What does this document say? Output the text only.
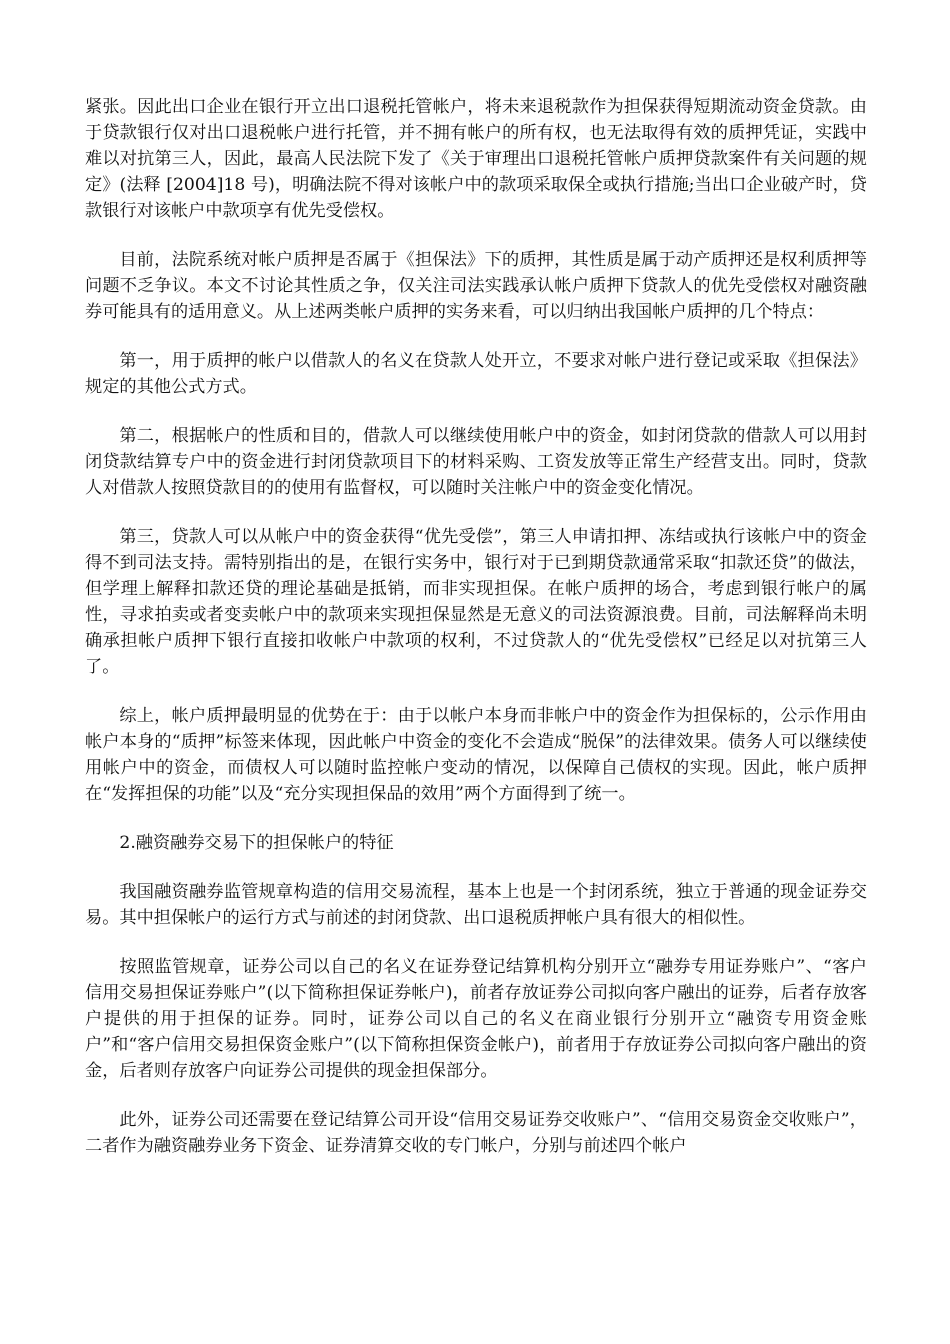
紧张。因此出口企业在银行开立出口退税托管帐户，将未来退税款作为担保获得短期流动资金贷款。由于贷款银行仅对出口退税帐户进行托管，并不拥有帐户的所有权，也无法取得有效的质押凭证，实践中难以对抗第三人，因此，最高人民法院下发了《关于审理出口退税托管帐户质押贷款案件有关问题的规定》(法释 [2004]18 号)，明确法院不得对该帐户中的款项采取保全或执行措施;当出口企业破产时，贷款银行对该帐户中款项享有优先受偿权。

目前，法院系统对帐户质押是否属于《担保法》下的质押，其性质是属于动产质押还是权利质押等问题不乏争议。本文不讨论其性质之争，仅关注司法实践承认帐户质押下贷款人的优先受偿权对融资融券可能具有的适用意义。从上述两类帐户质押的实务来看，可以归纳出我国帐户质押的几个特点：

第一，用于质押的帐户以借款人的名义在贷款人处开立，不要求对帐户进行登记或采取《担保法》规定的其他公式方式。

第二，根据帐户的性质和目的，借款人可以继续使用帐户中的资金，如封闭贷款的借款人可以用封闭贷款结算专户中的资金进行封闭贷款项目下的材料采购、工资发放等正常生产经营支出。同时，贷款人对借款人按照贷款目的的使用有监督权，可以随时关注帐户中的资金变化情况。

第三，贷款人可以从帐户中的资金获得“优先受偿”，第三人申请扣押、冻结或执行该帐户中的资金得不到司法支持。需特别指出的是，在银行实务中，银行对于已到期贷款通常采取“扣款还贷”的做法，但学理上解释扣款还贷的理论基础是抵销，而非实现担保。在帐户质押的场合，考虑到银行帐户的属性，寻求拍卖或者变卖帐户中的款项来实现担保显然是无意义的司法资源浪费。目前，司法解释尚未明确承担帐户质押下银行直接扣收帐户中款项的权利，不过贷款人的“优先受偿权”已经足以对抗第三人了。

综上，帐户质押最明显的优势在于：由于以帐户本身而非帐户中的资金作为担保标的，公示作用由帐户本身的“质押”标签来体现，因此帐户中资金的变化不会造成“脱保”的法律效果。债务人可以继续使用帐户中的资金，而债权人可以随时监控帐户变动的情况，以保障自己债权的实现。因此，帐户质押在“发挥担保的功能”以及“充分实现担保品的效用”两个方面得到了统一。

2.融资融券交易下的担保帐户的特征

我国融资融券监管规章构造的信用交易流程，基本上也是一个封闭系统，独立于普通的现金证券交易。其中担保帐户的运行方式与前述的封闭贷款、出口退税质押帐户具有很大的相似性。

按照监管规章，证券公司以自己的名义在证券登记结算机构分别开立“融券专用证券账户”、“客户信用交易担保证券账户”(以下简称担保证券帐户)，前者存放证券公司拟向客户融出的证券，后者存放客户提供的用于担保的证券。同时，证券公司以自己的名义在商业银行分别开立“融资专用资金账户”和“客户信用交易担保资金账户”(以下简称担保资金帐户)，前者用于存放证券公司拟向客户融出的资金，后者则存放客户向证券公司提供的现金担保部分。

此外，证券公司还需要在登记结算公司开设“信用交易证券交收账户”、“信用交易资金交收账户”，二者作为融资融券业务下资金、证券清算交收的专门帐户，分别与前述四个帐户
